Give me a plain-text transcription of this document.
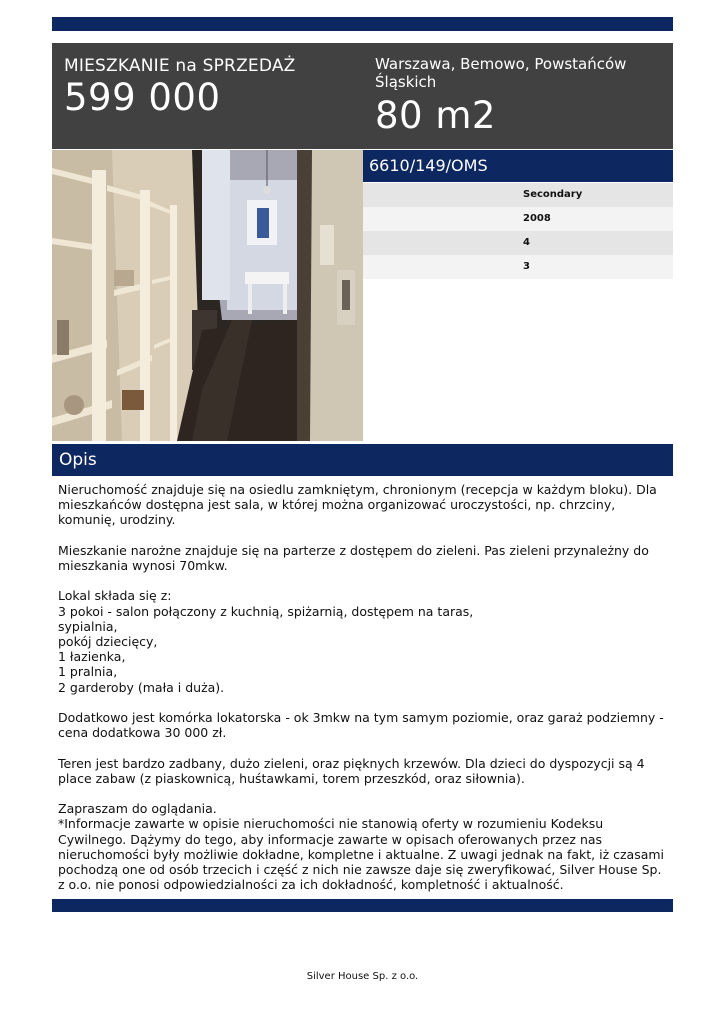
MIESZKANIE na SPRZEDAŻ
599 000
Warszawa, Bemowo, Powstańców Śląskich
80 m2
6610/149/OMS
Secondary
2008
4
3
Opis

Nieruchomość znajduje się na osiedlu zamkniętym, chronionym (recepcja w każdym bloku). Dla mieszkańców dostępna jest sala, w której można organizować uroczystości, np. chrzciny, komunię, urodziny.

Mieszkanie narożne znajduje się na parterze z dostępem do zieleni. Pas zieleni przynależny do mieszkania wynosi 70mkw.

Lokal składa się z:
3 pokoi - salon połączony z kuchnią, spiżarnią, dostępem na taras,
sypialnia,
pokój dziecięcy,
1 łazienka,
1 pralnia,
2 garderoby (mała i duża).

Dodatkowo jest komórka lokatorska - ok 3mkw na tym samym poziomie, oraz garaż podziemny - cena dodatkowa 30 000 zł.

Teren jest bardzo zadbany, dużo zieleni, oraz pięknych krzewów. Dla dzieci do dyspozycji są 4 place zabaw (z piaskownicą, huśtawkami, torem przeszkód, oraz siłownia).

Zapraszam do oglądania.
*Informacje zawarte w opisie nieruchomości nie stanowią oferty w rozumieniu Kodeksu Cywilnego. Dążymy do tego, aby informacje zawarte w opisach oferowanych przez nas nieruchomości były możliwie dokładne, kompletne i aktualne. Z uwagi jednak na fakt, iż czasami pochodzą one od osób trzecich i część z nich nie zawsze daje się zweryfikować, Silver House Sp. z o.o. nie ponosi odpowiedzialności za ich dokładność, kompletność i aktualność.

Silver House Sp. z o.o.
